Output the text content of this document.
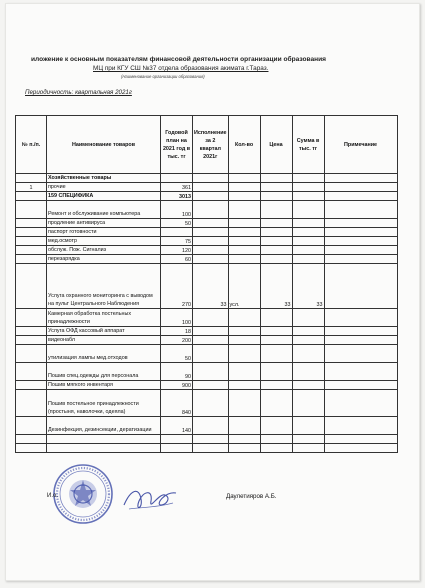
иложение к основным показателям финансовой деятельности организации образования
МЦ при КГУ СШ №37 отдела образования акимата г.Тараз.
(Наименование организации образования)
Периодичность: квартальная 2021г
№ п./п.	Наименование товаров	Годовой план на 2021 год в тыс. тг	Исполнение за 2 квартал 2021г	Кол-во	Цена	Сумма в тыс. тг	Примечание
	Хозяйственные товары						
1	прочие	361					
	159 СПЕЦИФИКА	3013					
	Ремонт и обслуживание компьютера	100					
	продление антивируса	50					
	паспорт готовности						
	мед.осмотр	75					
	обслуж. Пож. Сигнализ	120					
	перезарядка	60					
	Услуга охранного мониторинга с выводом на пульт Центрального Наблюдения	270	33	усл.	33	33	
	Камерная обработка постельных принадлежности	100					
	Услуга ОФД кассовый аппарат	18					
	видеонабл	200					
	утилизация лампы мед.отходов	50					
	Пошив спец.одежды для персонала	90					
	Пошив мягкого инвентаря	900					
	Пошив постельное принадлежности (простыня, наволочки, одеяла)	840					
	Дезинфекция, дезинсекции, дератизации	140					

И.о.	Даулетияров А.Б.
